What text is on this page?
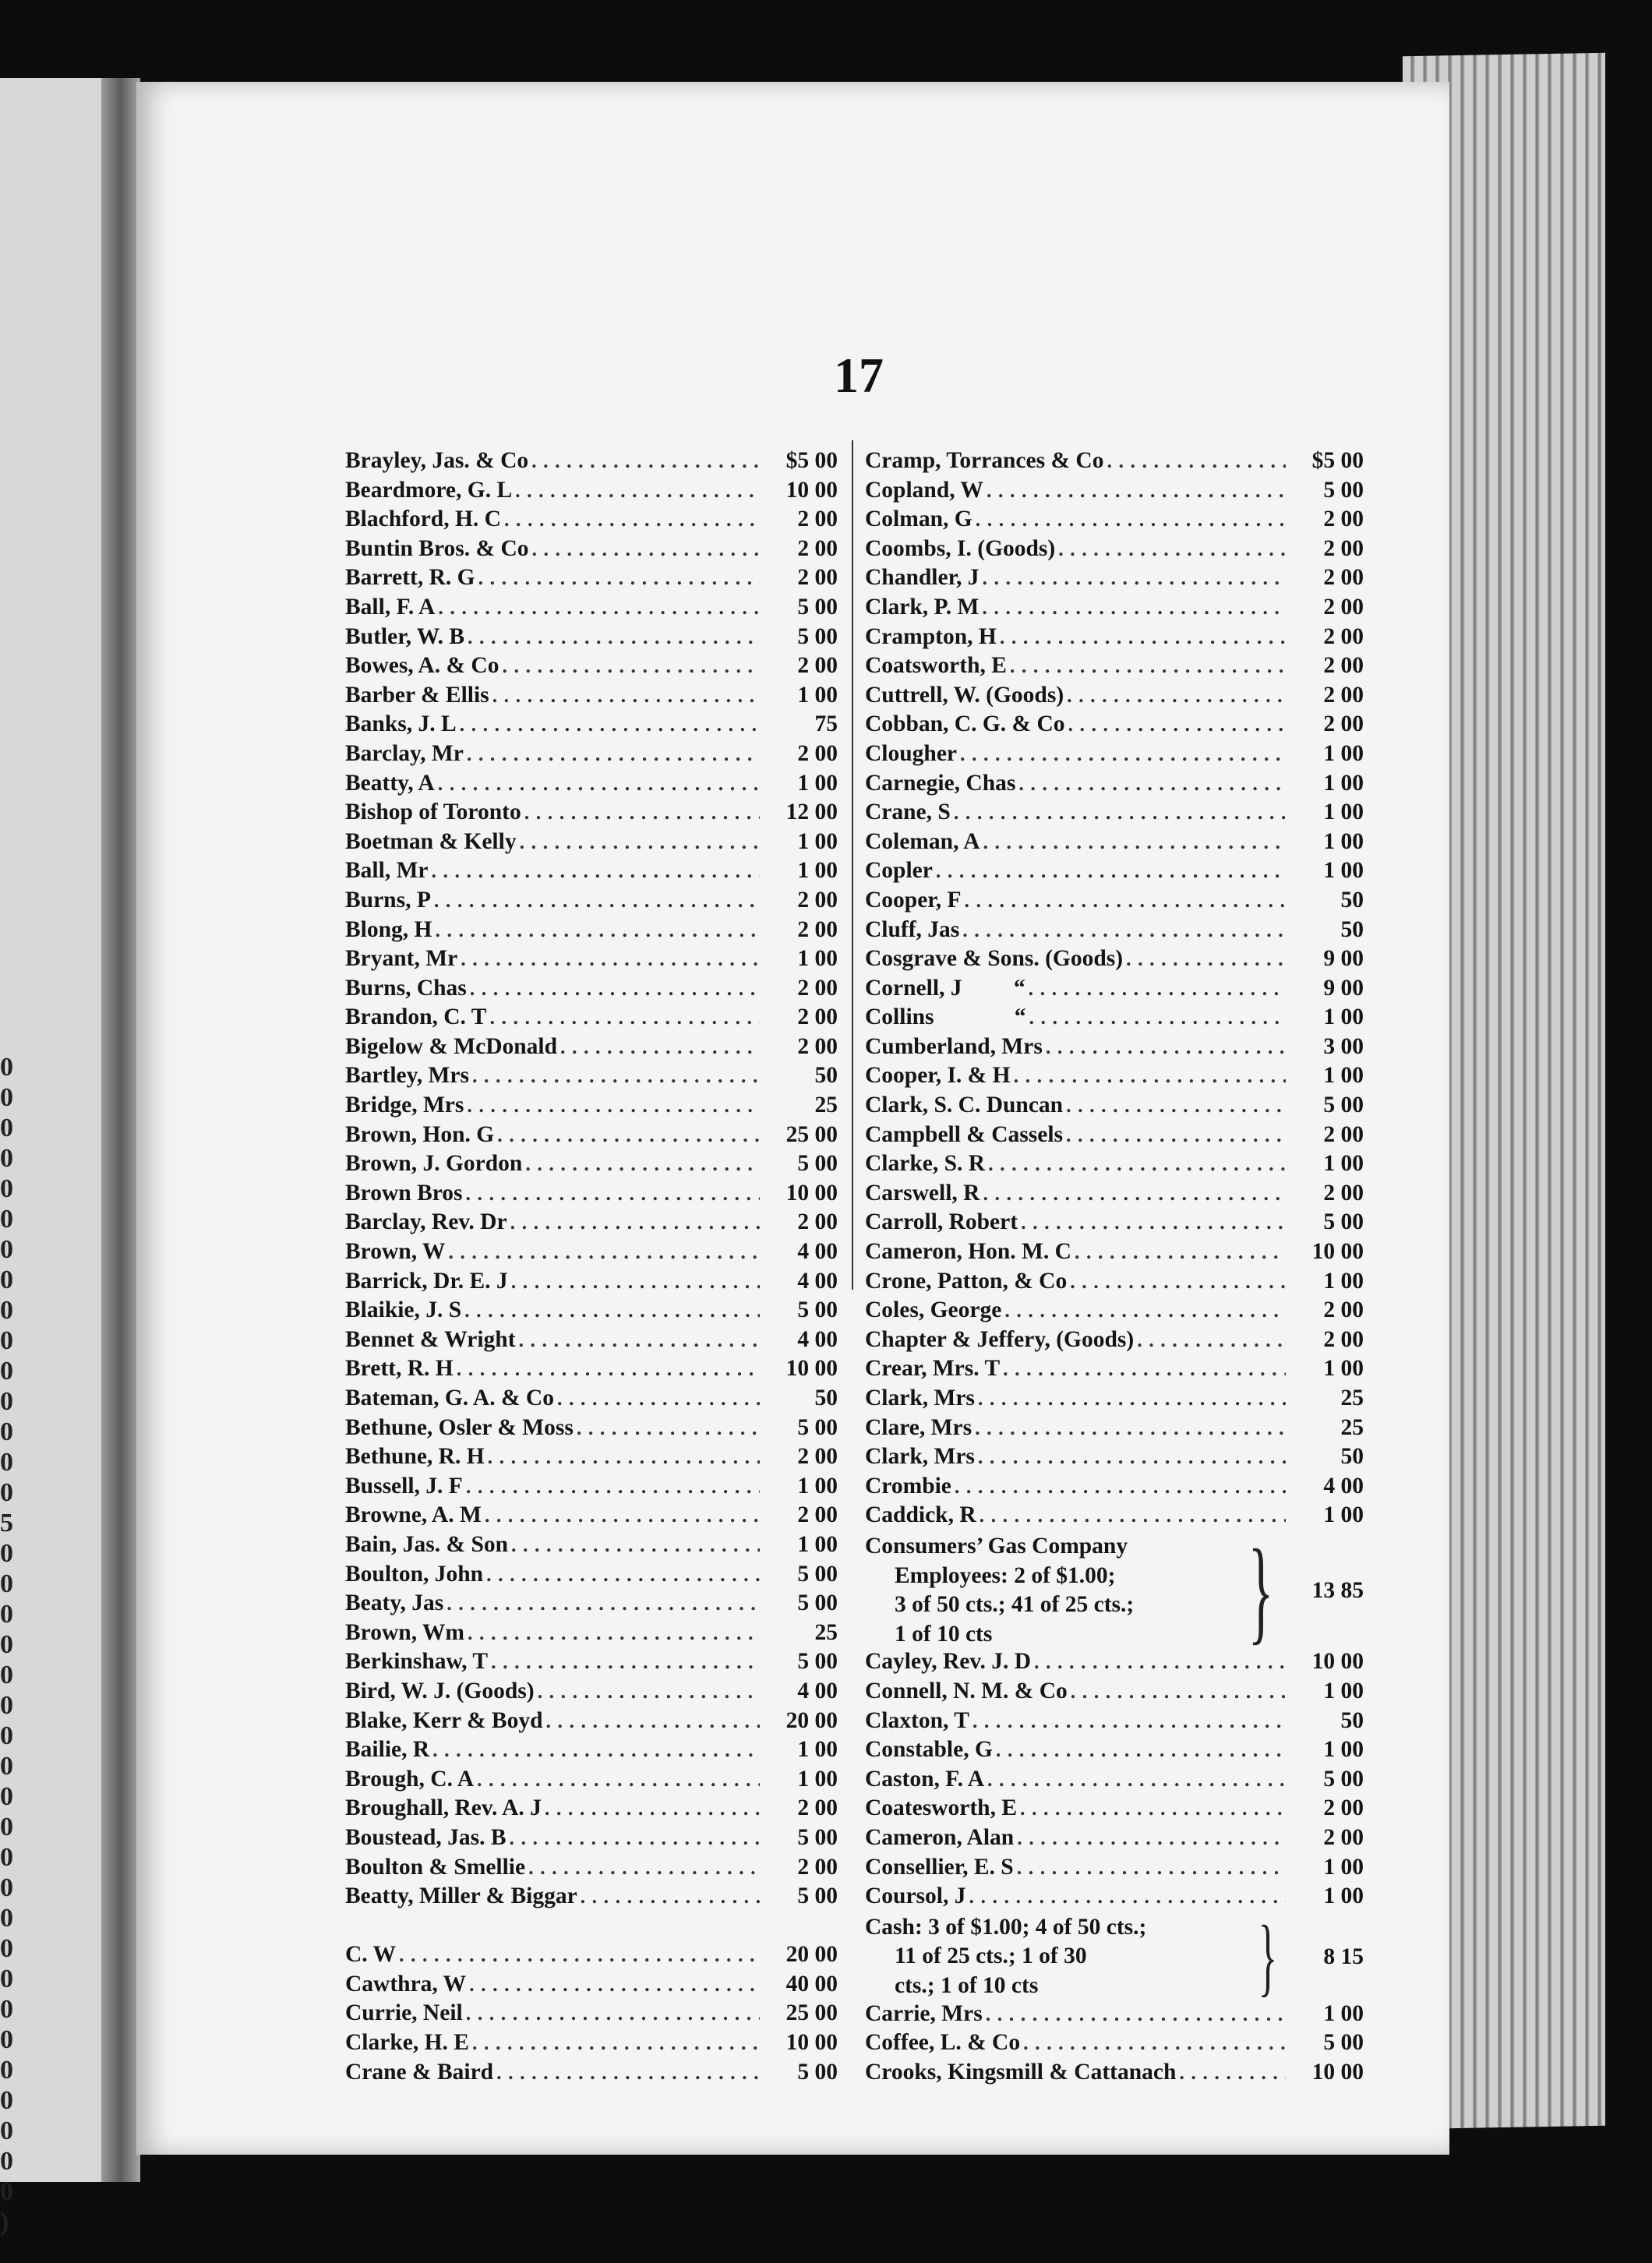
0
0
0
0
0
0
0
0
0
0
0
0
0
0
0
5
0
0
0
0
0
0
0
0
0
0
0
0
0
0
0
0
0
0
0
0
0
0
)
17
Brayley, Jas. & Co . . .	$5 00
Beardmore, G. L . . .	10 00
Blachford, H. C . . .	2 00
Buntin Bros. & Co . . .	2 00
Barrett, R. G . . .	2 00
Ball, F. A . . .	5 00
Butler, W. B . . .	5 00
Bowes, A. & Co . . .	2 00
Barber & Ellis . . .	1 00
Banks, J. L . . .	75
Barclay, Mr . . .	2 00
Beatty, A . . .	1 00
Bishop of Toronto . . .	12 00
Boetman & Kelly . . .	1 00
Ball, Mr . . .	1 00
Burns, P . . .	2 00
Blong, H . . .	2 00
Bryant, Mr . . .	1 00
Burns, Chas . . .	2 00
Brandon, C. T . . .	2 00
Bigelow & McDonald . . .	2 00
Bartley, Mrs . . .	50
Bridge, Mrs . . .	25
Brown, Hon. G . . .	25 00
Brown, J. Gordon . . .	5 00
Brown Bros . . .	10 00
Barclay, Rev. Dr . . .	2 00
Brown, W . . .	4 00
Barrick, Dr. E. J . . .	4 00
Blaikie, J. S . . .	5 00
Bennet & Wright . . .	4 00
Brett, R. H . . .	10 00
Bateman, G. A. & Co . . .	50
Bethune, Osler & Moss . . .	5 00
Bethune, R. H . . .	2 00
Bussell, J. F . . .	1 00
Browne, A. M . . .	2 00
Bain, Jas. & Son . . .	1 00
Boulton, John . . .	5 00
Beaty, Jas . . .	5 00
Brown, Wm . . .	25
Berkinshaw, T . . .	5 00
Bird, W. J. (Goods) . . .	4 00
Blake, Kerr & Boyd . . .	20 00
Bailie, R . . .	1 00
Brough, C. A . . .	1 00
Broughall, Rev. A. J . . .	2 00
Boustead, Jas. B . . .	5 00
Boulton & Smellie . . .	2 00
Beatty, Miller & Biggar . . .	5 00
C. W . . .	20 00
Cawthra, W . . .	40 00
Currie, Neil . . .	25 00
Clarke, H. E . . .	10 00
Crane & Baird . . .	5 00
Cramp, Torrances & Co . . .	$5 00
Copland, W . . .	5 00
Colman, G . . .	2 00
Coombs, I. (Goods) . . .	2 00
Chandler, J . . .	2 00
Clark, P. M . . .	2 00
Crampton, H . . .	2 00
Coatsworth, E . . .	2 00
Cuttrell, W. (Goods) . . .	2 00
Cobban, C. G. & Co . . .	2 00
Clougher . . .	1 00
Carnegie, Chas . . .	1 00
Crane, S . . .	1 00
Coleman, A . . .	1 00
Copler . . .	1 00
Cooper, F . . .	50
Cluff, Jas . . .	50
Cosgrave & Sons. (Goods) . . .	9 00
Cornell, J         “ . . .	9 00
Collins              “ . . .	1 00
Cumberland, Mrs . . .	3 00
Cooper, I. & H . . .	1 00
Clark, S. C. Duncan . . .	5 00
Campbell & Cassels . . .	2 00
Clarke, S. R . . .	1 00
Carswell, R . . .	2 00
Carroll, Robert . . .	5 00
Cameron, Hon. M. C . . .	10 00
Crone, Patton, & Co . . .	1 00
Coles, George . . .	2 00
Chapter & Jeffery, (Goods) . . .	2 00
Crear, Mrs. T . . .	1 00
Clark, Mrs . . .	25
Clare, Mrs . . .	25
Clark, Mrs . . .	50
Crombie . . .	4 00
Caddick, R . . .	1 00
Consumers’ Gas Company
Employees: 2 of $1.00;
3 of 50 cts.; 41 of 25 cts.;
1 of 10 cts	}	13 85
Cayley, Rev. J. D . . .	10 00
Connell, N. M. & Co . . .	1 00
Claxton, T . . .	50
Constable, G . . .	1 00
Caston, F. A . . .	5 00
Coatesworth, E . . .	2 00
Cameron, Alan . . .	2 00
Consellier, E. S . . .	1 00
Coursol, J . . .	1 00
Cash: 3 of $1.00; 4 of 50 cts.;
11 of 25 cts.; 1 of 30
cts.; 1 of 10 cts	}	8 15
Carrie, Mrs . . .	1 00
Coffee, L. & Co . . .	5 00
Crooks, Kingsmill & Cattanach . . .	10 00
